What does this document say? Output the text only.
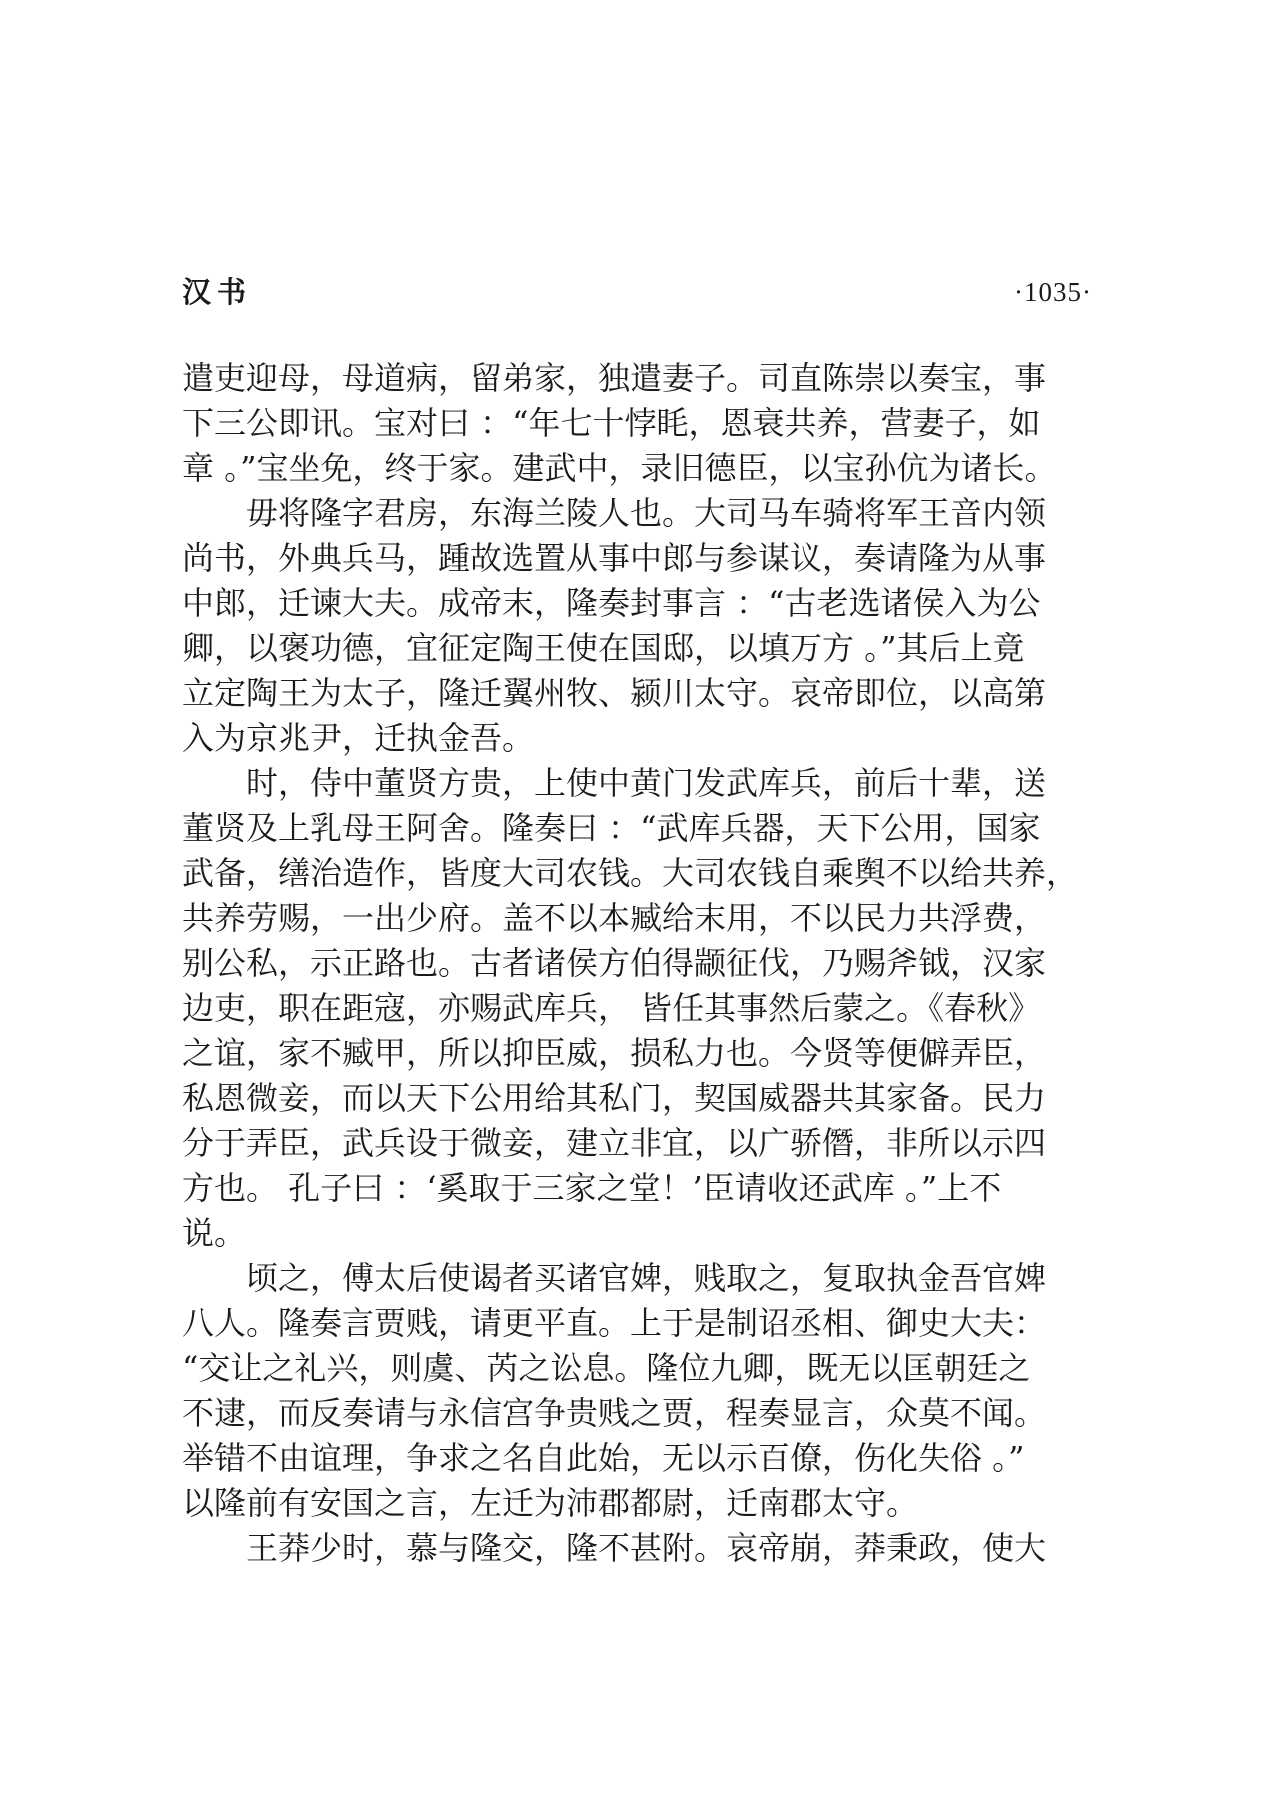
汉书	·1035·
遣吏迎母，母道病，留弟家，独遣妻子。司直陈崇以奏宝，事
下三公即讯。宝对曰 ：“年七十悖眊，恩衰共养，营妻子，如
章 。”宝坐免，终于家。建武中，录旧德臣，以宝孙伉为诸长。
毋将隆字君房，东海兰陵人也。大司马车骑将军王音内领
尚书，外典兵马，踵故选置从事中郎与参谋议，奏请隆为从事
中郎，迁谏大夫。成帝末，隆奏封事言 ：“古老选诸侯入为公
卿，以褒功德，宜征定陶王使在国邸，以填万方 。”其后上竟
立定陶王为太子，隆迁翼州牧、颍川太守。哀帝即位，以高第
入为京兆尹，迁执金吾。
时，侍中董贤方贵，上使中黄门发武库兵，前后十辈，送
董贤及上乳母王阿舍。隆奏曰 ：“武库兵器，天下公用，国家
武备，缮治造作，皆度大司农钱。大司农钱自乘舆不以给共养，
共养劳赐，一出少府。盖不以本臧给末用，不以民力共浮费，
别公私，示正路也。古者诸侯方伯得颛征伐，乃赐斧钺，汉家
边吏，职在距寇，亦赐武库兵， 皆任其事然后蒙之。《春秋》
之谊，家不臧甲，所以抑臣威，损私力也。今贤等便僻弄臣，
私恩微妾，而以天下公用给其私门，契国威器共其家备。民力
分于弄臣，武兵设于微妾，建立非宜，以广骄僭，非所以示四
方也。 孔子曰 ：‘奚取于三家之堂！’臣请收还武库 。”上不
说。
顷之，傅太后使谒者买诸官婢，贱取之，复取执金吾官婢
八人。隆奏言贾贱，请更平直。上于是制诏丞相、御史大夫：
“交让之礼兴，则虞、芮之讼息。隆位九卿，既无以匡朝廷之
不逮，而反奏请与永信宫争贵贱之贾，程奏显言，众莫不闻。
举错不由谊理，争求之名自此始，无以示百僚，伤化失俗 。”
以隆前有安国之言，左迁为沛郡都尉，迁南郡太守。
王莽少时，慕与隆交，隆不甚附。哀帝崩，莽秉政，使大
